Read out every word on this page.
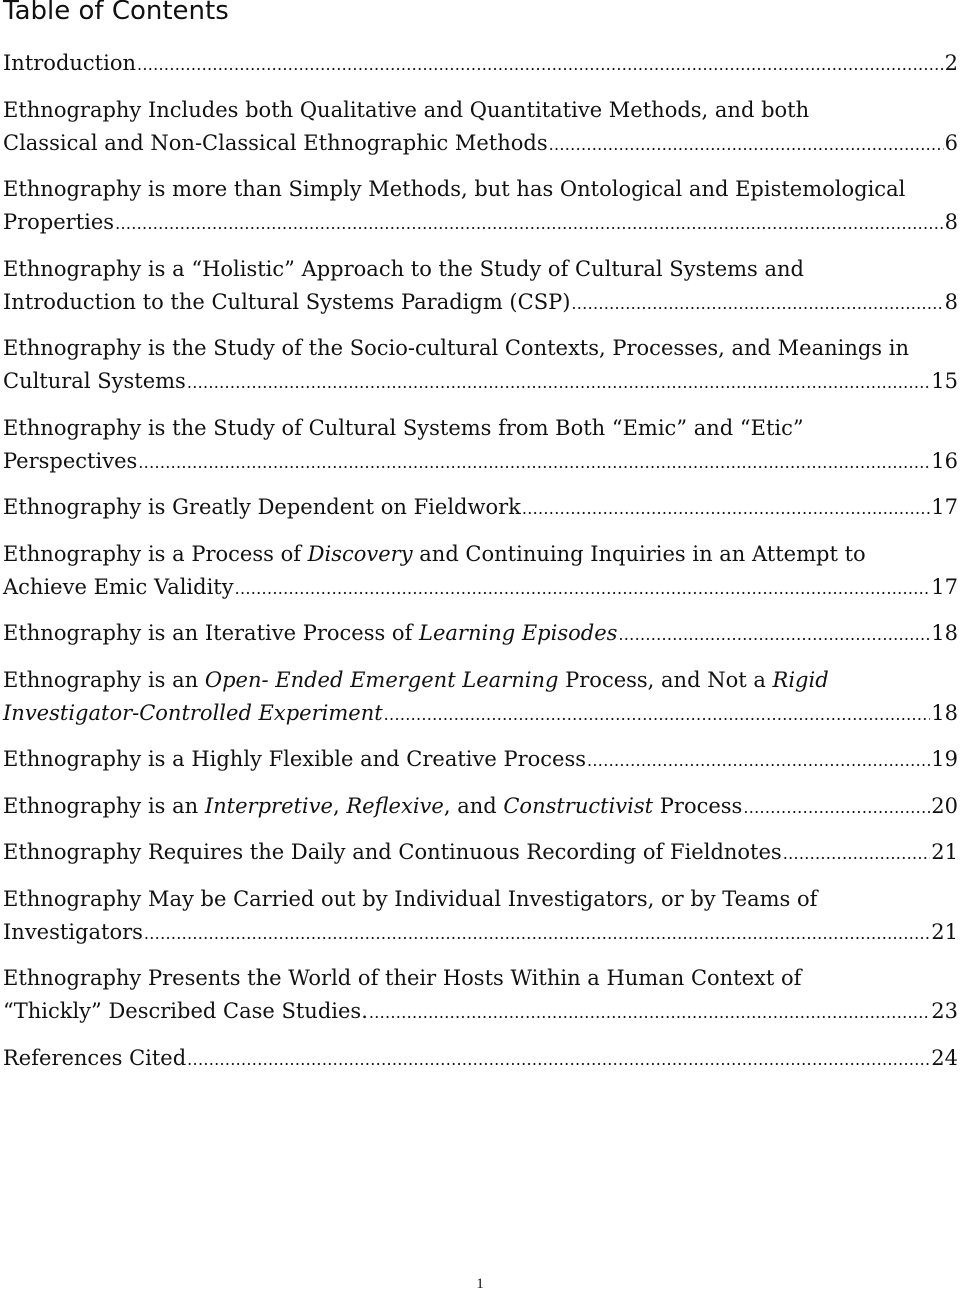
Table of Contents
Introduction .....	2
Ethnography Includes both Qualitative and Quantitative Methods, and both
Classical and Non-Classical Ethnographic Methods .....	6
Ethnography is more than Simply Methods, but has Ontological and Epistemological
Properties .....	8
Ethnography is a “Holistic” Approach to the Study of Cultural Systems and
Introduction to the Cultural Systems Paradigm (CSP) .....	8
Ethnography is the Study of the Socio-cultural Contexts, Processes, and Meanings in
Cultural Systems .....	15
Ethnography is the Study of Cultural Systems from Both “Emic” and “Etic”
Perspectives .....	16
Ethnography is Greatly Dependent on Fieldwork .....	17
Ethnography is a Process of Discovery and Continuing Inquiries in an Attempt to
Achieve Emic Validity .....	17
Ethnography is an Iterative Process of Learning Episodes .....	18
Ethnography is an Open- Ended Emergent Learning Process, and Not a Rigid
Investigator-Controlled Experiment .....	18
Ethnography is a Highly Flexible and Creative Process .....	19
Ethnography is an Interpretive, Reflexive, and Constructivist Process .....	20
Ethnography Requires the Daily and Continuous Recording of Fieldnotes .....	21
Ethnography May be Carried out by Individual Investigators, or by Teams of
Investigators .....	21
Ethnography Presents the World of their Hosts Within a Human Context of
“Thickly” Described Case Studies. .....	23
References Cited .....	24
1
